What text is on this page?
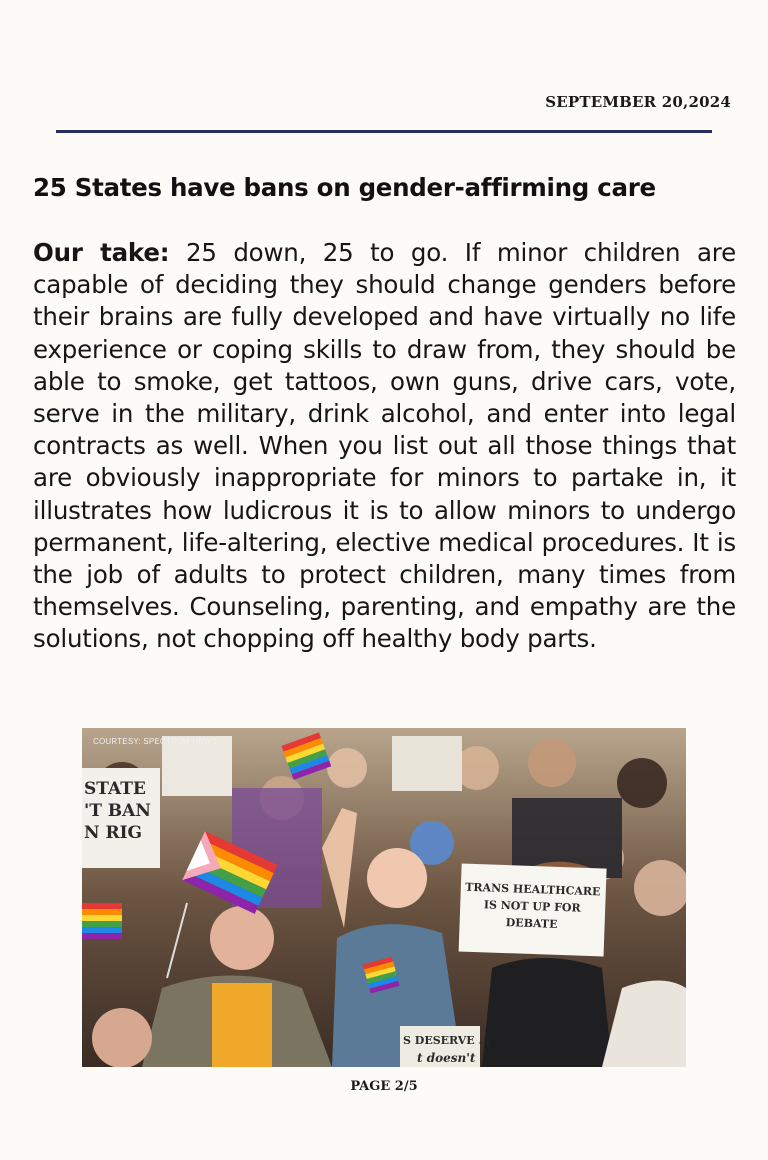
SEPTEMBER 20,2024
25 States have bans on gender-affirming care

Our take: 25 down, 25 to go. If minor children are capable of deciding they should change genders before their brains are fully developed and have virtually no life experience or coping skills to draw from, they should be able to smoke, get tattoos, own guns, drive cars, vote, serve in the military, drink alcohol, and enter into legal contracts as well. When you list out all those things that are obviously inappropriate for minors to partake in, it illustrates how ludicrous it is to allow minors to undergo permanent, life-altering, elective medical procedures. It is the job of adults to protect children, many times from themselves. Counseling, parenting, and empathy are the solutions, not chopping off healthy body parts.

STATE
'T BAN
N RIG
TRANS HEALTHCARE
IS NOT UP FOR
DEBATE
S DESERVE ...
t doesn't
COURTESY: SPECTRUM NEWS
PAGE 2/5
